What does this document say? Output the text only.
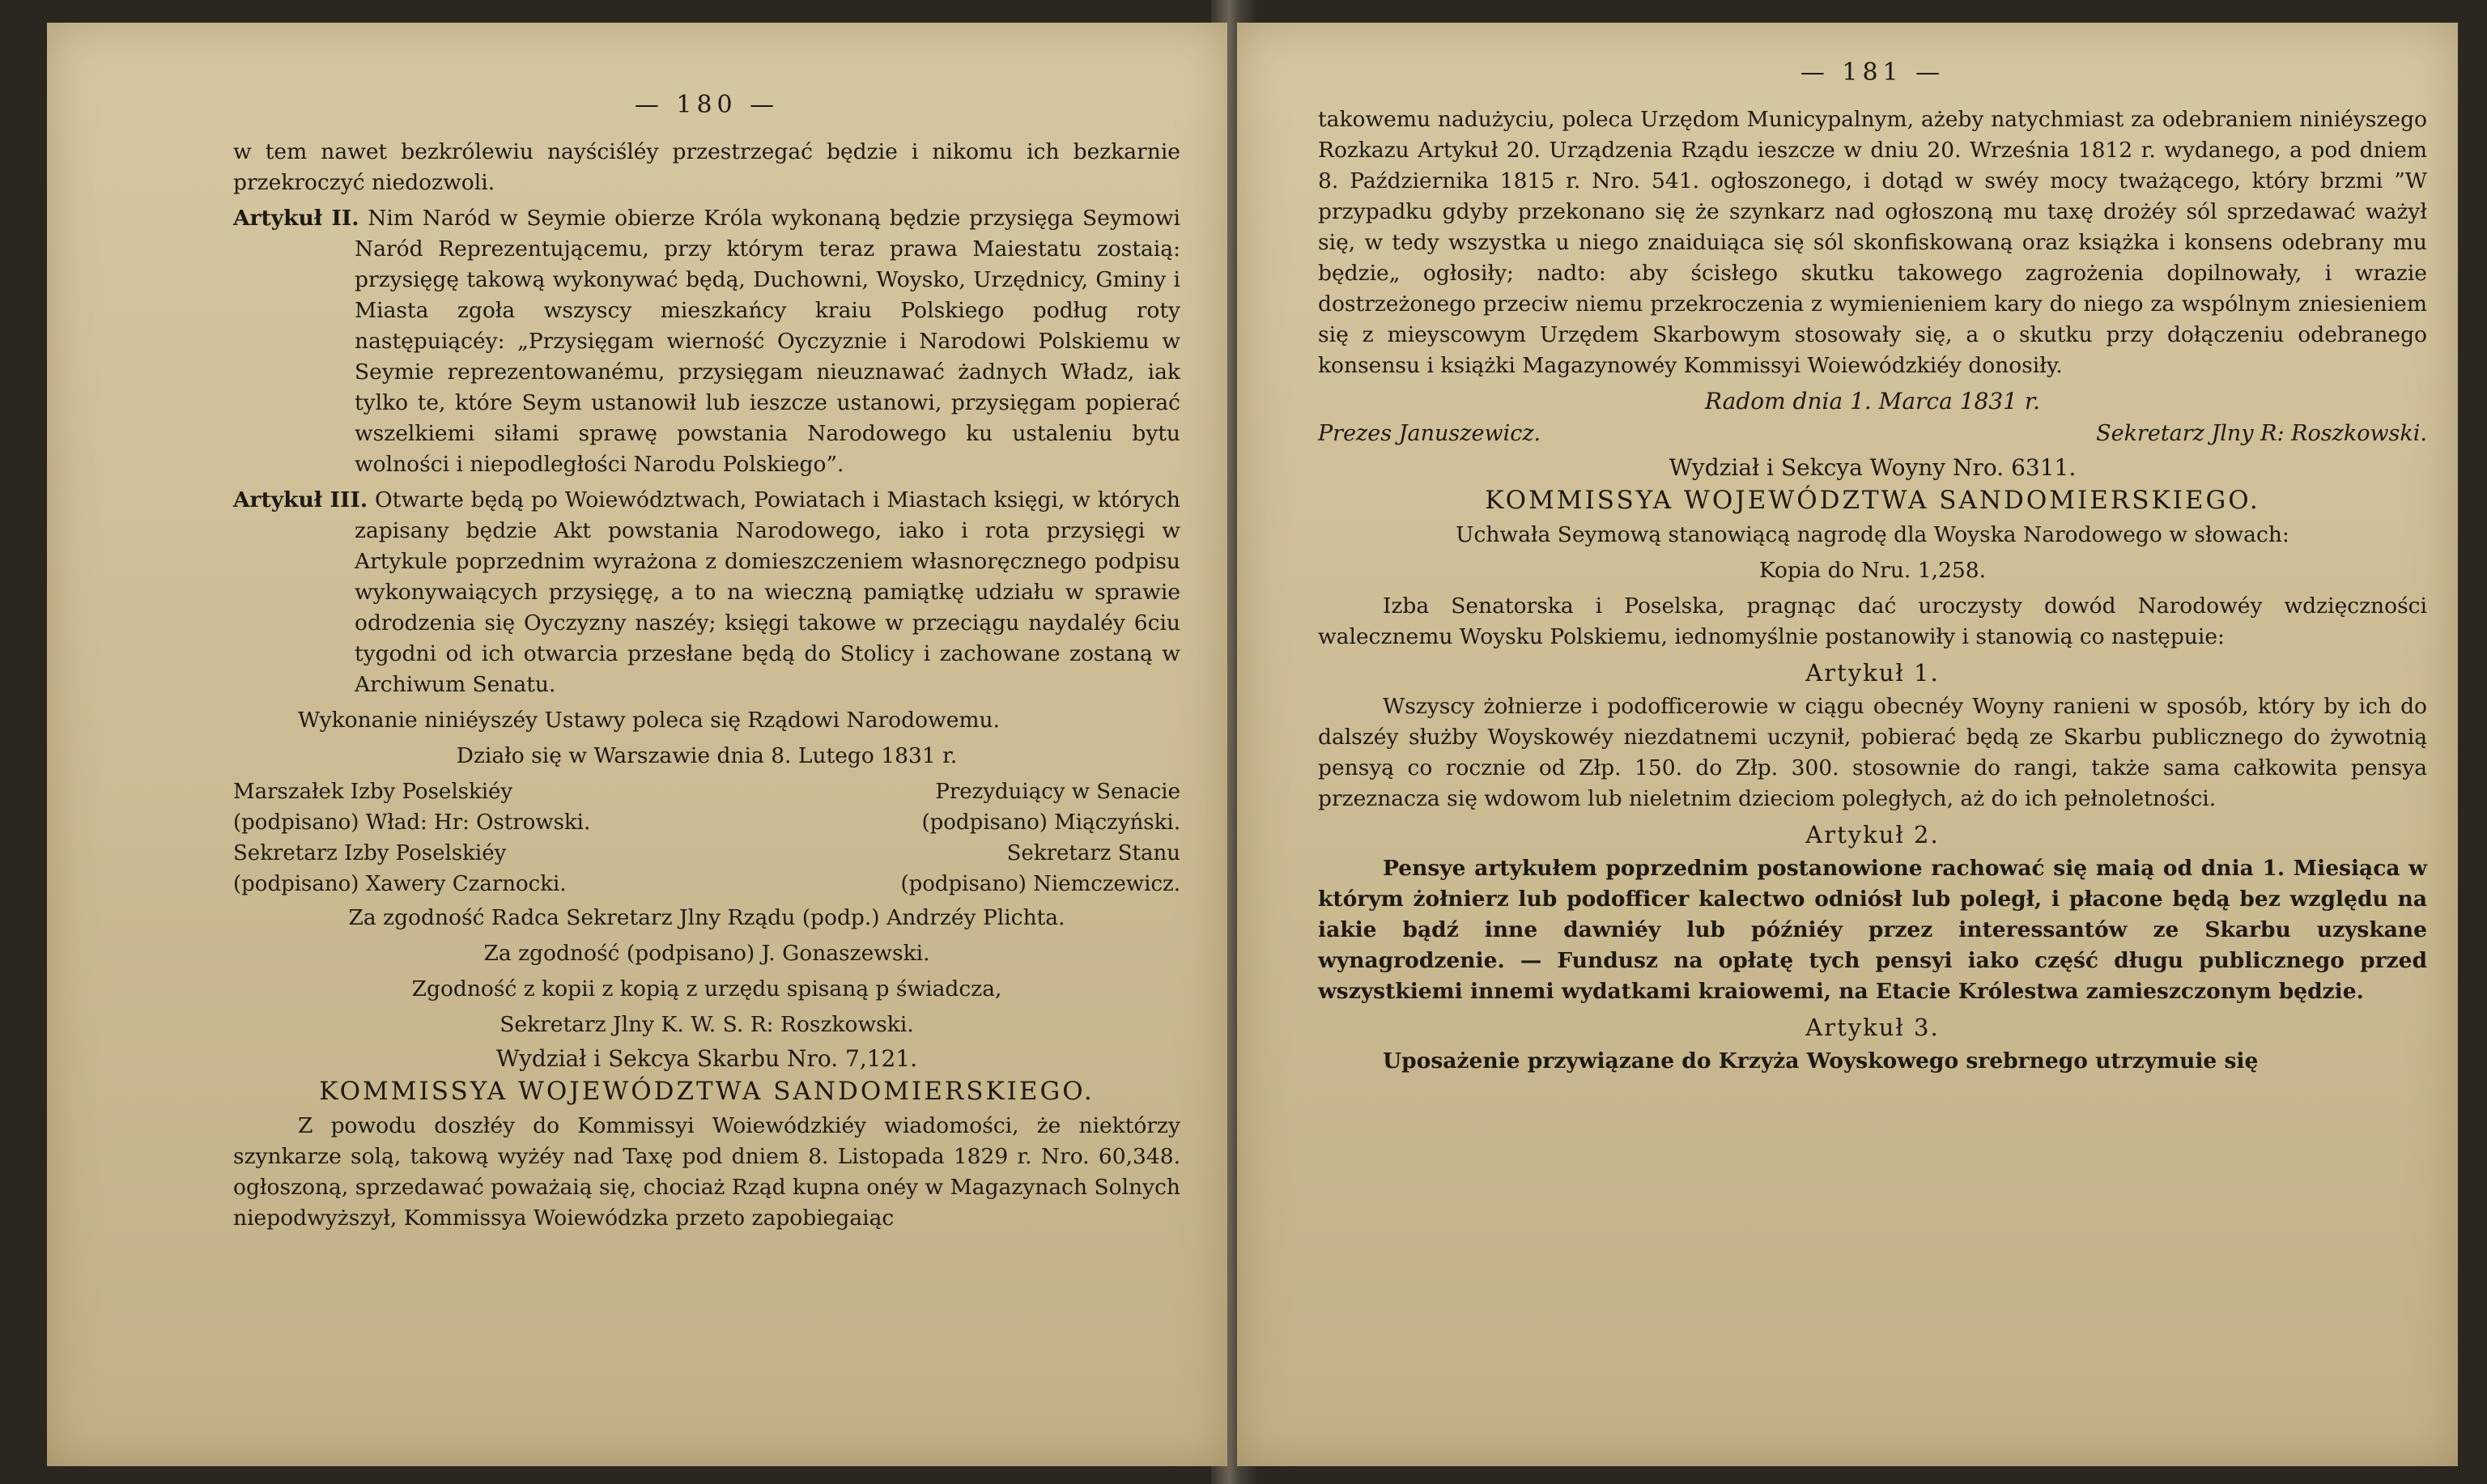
— 180 —

w tem nawet bezkrólewiu nayściśléy przestrzegać będzie i nikomu ich bezkarnie przekroczyć niedozwoli.

Artykuł II. Nim Naród w Seymie obierze Króla wykonaną będzie przysięga Seymowi Naród Reprezentującemu, przy którym teraz prawa Maiestatu zostaią: przysięgę takową wykonywać będą, Duchowni, Woysko, Urzędnicy, Gminy i Miasta zgoła wszyscy mieszkańcy kraiu Polskiego podług roty następuiącéy: „Przysięgam wierność Oyczyznie i Narodowi Polskiemu w Seymie reprezentowanému, przysięgam nieuznawać żadnych Władz, iak tylko te, które Seym ustanowił lub ieszcze ustanowi, przysięgam popierać wszelkiemi siłami sprawę powstania Narodowego ku ustaleniu bytu wolności i niepodległości Narodu Polskiego”.

Artykuł III. Otwarte będą po Woiewództwach, Powiatach i Miastach księgi, w których zapisany będzie Akt powstania Narodowego, iako i rota przysięgi w Artykule poprzednim wyrażona z domieszczeniem własnoręcznego podpisu wykonywaiących przysięgę, a to na wieczną pamiątkę udziału w sprawie odrodzenia się Oyczyzny naszéy; księgi takowe w przeciągu naydaléy 6ciu tygodni od ich otwarcia przesłane będą do Stolicy i zachowane zostaną w Archiwum Senatu.

Wykonanie niniéyszéy Ustawy poleca się Rządowi Narodowemu.

Działo się w Warszawie dnia 8. Lutego 1831 r.

Marszałek Izby Poselskiéy	Prezyduiący w Senacie
(podpisano) Wład: Hr: Ostrowski.	(podpisano) Miączyński.
Sekretarz Izby Poselskiéy	Sekretarz Stanu
(podpisano) Xawery Czarnocki.	(podpisano) Niemczewicz.

Za zgodność Radca Sekretarz Jlny Rządu (podp.) Andrzéy Plichta.

Za zgodność (podpisano) J. Gonaszewski.

Zgodność z kopii z kopią z urzędu spisaną p świadcza,

Sekretarz Jlny K. W. S. R: Roszkowski.

Wydział i Sekcya Skarbu Nro. 7,121.
KOMMISSYA WOJEWÓDZTWA SANDOMIERSKIEGO.

Z powodu doszłéy do Kommissyi Woiewódzkiéy wiadomości, że niektórzy szynkarze solą, takową wyżéy nad Taxę pod dniem 8. Listopada 1829 r. Nro. 60,348. ogłoszoną, sprzedawać poważaią się, chociaż Rząd kupna onéy w Magazynach Solnych niepodwyższył, Kommissya Woiewódzka przeto zapobiegaiąc

— 181 —

takowemu nadużyciu, poleca Urzędom Municypalnym, ażeby natychmiast za odebraniem niniéyszego Rozkazu Artykuł 20. Urządzenia Rządu ieszcze w dniu 20. Września 1812 r. wydanego, a pod dniem 8. Października 1815 r. Nro. 541. ogłoszonego, i dotąd w swéy mocy tważącego, który brzmi ”W przypadku gdyby przekonano się że szynkarz nad ogłoszoną mu taxę drożéy sól sprzedawać ważył się, w tedy wszystka u niego znaiduiąca się sól skonfiskowaną oraz książka i konsens odebrany mu będzie„ ogłosiły; nadto: aby ścisłego skutku takowego zagrożenia dopilnowały, i wrazie dostrzeżonego przeciw niemu przekroczenia z wymienieniem kary do niego za wspólnym zniesieniem się z mieyscowym Urzędem Skarbowym stosowały się, a o skutku przy dołączeniu odebranego konsensu i książki Magazynowéy Kommissyi Woiewódzkiéy donosiły.

Radom dnia 1. Marca 1831 r.
Prezes Januszewicz.	Sekretarz Jlny R: Roszkowski.
Wydział i Sekcya Woyny Nro. 6311.
KOMMISSYA WOJEWÓDZTWA SANDOMIERSKIEGO.

Uchwała Seymową stanowiącą nagrodę dla Woyska Narodowego w słowach:

Kopia do Nru. 1,258.

Izba Senatorska i Poselska, pragnąc dać uroczysty dowód Narodowéy wdzięczności walecznemu Woysku Polskiemu, iednomyślnie postanowiły i stanowią co następuie:

Artykuł 1.

Wszyscy żołnierze i podofficerowie w ciągu obecnéy Woyny ranieni w sposób, który by ich do dalszéy służby Woyskowéy niezdatnemi uczynił, pobierać będą ze Skarbu publicznego do żywotnią pensyą co rocznie od Złp. 150. do Złp. 300. stosownie do rangi, także sama całkowita pensya przeznacza się wdowom lub nieletnim dzieciom poległych, aż do ich pełnoletności.

Artykuł 2.

Pensye artykułem poprzednim postanowione rachować się maią od dnia 1. Miesiąca w którym żołnierz lub podofficer kalectwo odniósł lub poległ, i płacone będą bez względu na iakie bądź inne dawniéy lub późniéy przez interessantów ze Skarbu uzyskane wynagrodzenie. — Fundusz na opłatę tych pensyi iako część długu publicznego przed wszystkiemi innemi wydatkami kraiowemi, na Etacie Królestwa zamieszczonym będzie.

Artykuł 3.

Uposażenie przywiązane do Krzyża Woyskowego srebrnego utrzymuie się
